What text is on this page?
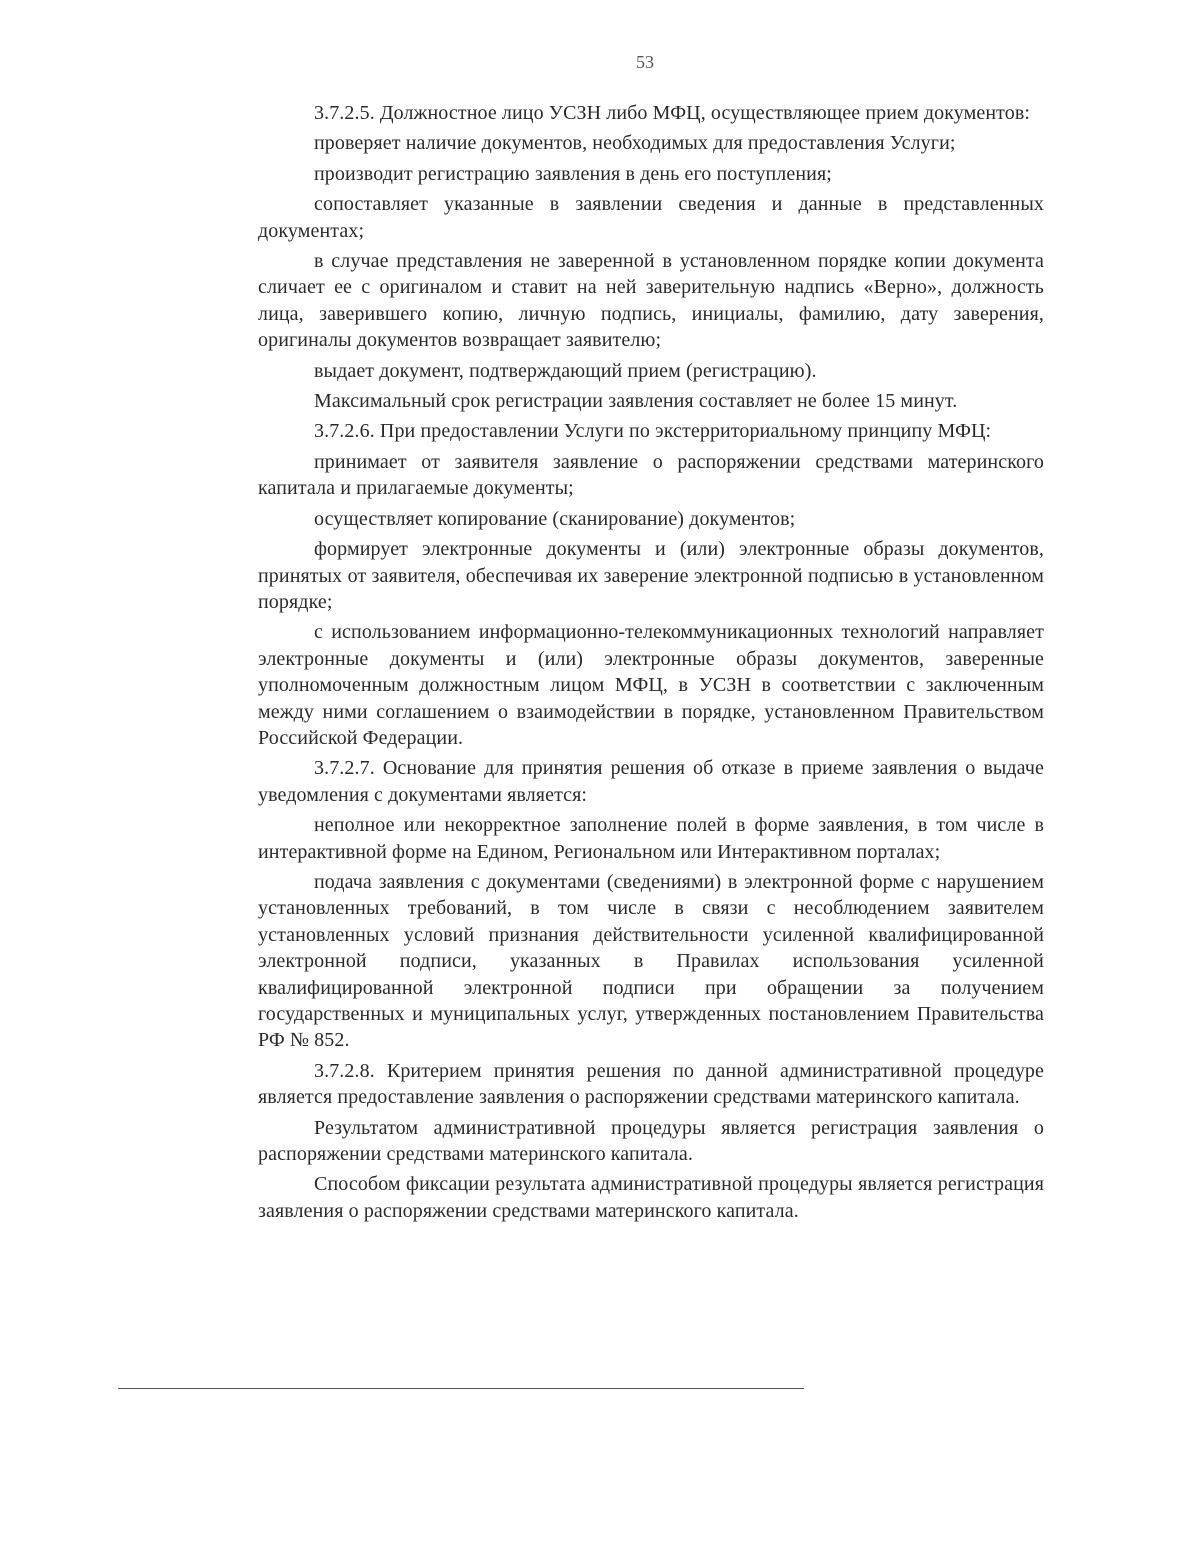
53

3.7.2.5. Должностное лицо УСЗН либо МФЦ, осуществляющее прием документов:

проверяет наличие документов, необходимых для предоставления Услуги;

производит регистрацию заявления в день его поступления;

сопоставляет указанные в заявлении сведения и данные в представленных документах;

в случае представления не заверенной в установленном порядке копии документа сличает ее с оригиналом и ставит на ней заверительную надпись «Верно», должность лица, заверившего копию, личную подпись, инициалы, фамилию, дату заверения, оригиналы документов возвращает заявителю;

выдает документ, подтверждающий прием (регистрацию).

Максимальный срок регистрации заявления составляет не более 15 минут.

3.7.2.6. При предоставлении Услуги по экстерриториальному принципу МФЦ:

принимает от заявителя заявление о распоряжении средствами материнского капитала и прилагаемые документы;

осуществляет копирование (сканирование) документов;

формирует электронные документы и (или) электронные образы документов, принятых от заявителя, обеспечивая их заверение электронной подписью в установленном порядке;

с использованием информационно-телекоммуникационных технологий направляет электронные документы и (или) электронные образы документов, заверенные уполномоченным должностным лицом МФЦ, в УСЗН в соответствии с заключенным между ними соглашением о взаимодействии в порядке, установленном Правительством Российской Федерации.

3.7.2.7. Основание для принятия решения об отказе в приеме заявления о выдаче уведомления с документами является:

неполное или некорректное заполнение полей в форме заявления, в том числе в интерактивной форме на Едином, Региональном или Интерактивном порталах;

подача заявления с документами (сведениями) в электронной форме с нарушением установленных требований, в том числе в связи с несоблюдением заявителем установленных условий признания действительности усиленной квалифицированной электронной подписи, указанных в Правилах использования усиленной квалифицированной электронной подписи при обращении за получением государственных и муниципальных услуг, утвержденных постановлением Правительства РФ № 852.

3.7.2.8. Критерием принятия решения по данной административной процедуре является предоставление заявления о распоряжении средствами материнского капитала.

Результатом административной процедуры является регистрация заявления о распоряжении средствами материнского капитала.

Способом фиксации результата административной процедуры является регистрация заявления о распоряжении средствами материнского капитала.
